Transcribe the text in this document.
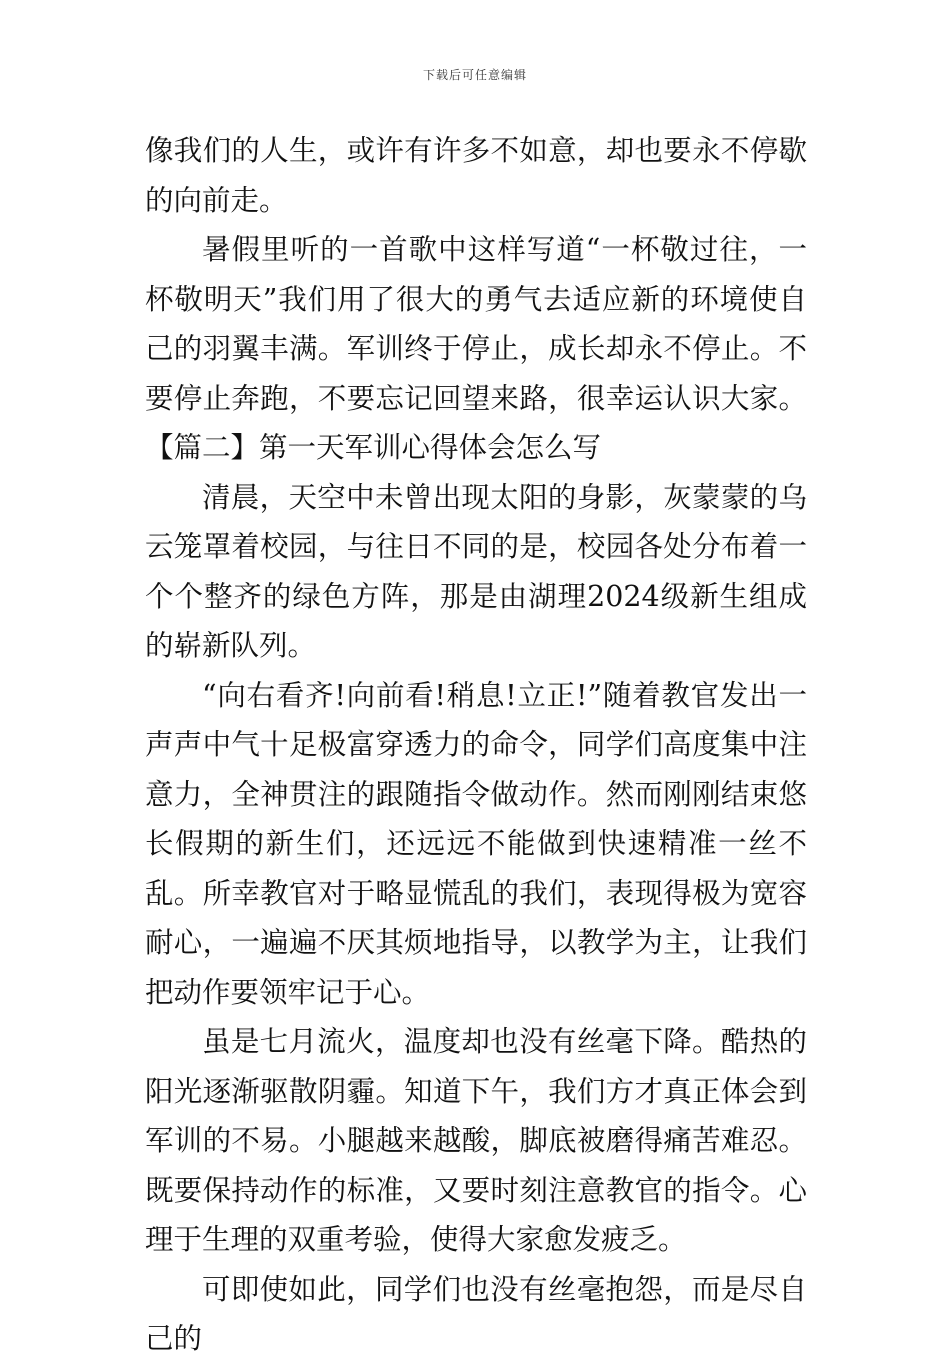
下载后可任意编辑

像我们的人生，或许有许多不如意，却也要永不停歇的向前走。

暑假里听的一首歌中这样写道“一杯敬过往，一杯敬明天”我们用了很大的勇气去适应新的环境使自己的羽翼丰满。军训终于停止，成长却永不停止。不要停止奔跑，不要忘记回望来路，很幸运认识大家。【篇二】第一天军训心得体会怎么写

清晨，天空中未曾出现太阳的身影，灰蒙蒙的乌云笼罩着校园，与往日不同的是，校园各处分布着一个个整齐的绿色方阵，那是由湖理2024级新生组成的崭新队列。

“向右看齐!向前看!稍息!立正!”随着教官发出一声声中气十足极富穿透力的命令，同学们高度集中注意力，全神贯注的跟随指令做动作。然而刚刚结束悠长假期的新生们，还远远不能做到快速精准一丝不乱。所幸教官对于略显慌乱的我们，表现得极为宽容耐心，一遍遍不厌其烦地指导，以教学为主，让我们把动作要领牢记于心。

虽是七月流火，温度却也没有丝毫下降。酷热的阳光逐渐驱散阴霾。知道下午，我们方才真正体会到军训的不易。小腿越来越酸，脚底被磨得痛苦难忍。既要保持动作的标准，又要时刻注意教官的指令。心理于生理的双重考验，使得大家愈发疲乏。

可即使如此，同学们也没有丝毫抱怨，而是尽自己的
